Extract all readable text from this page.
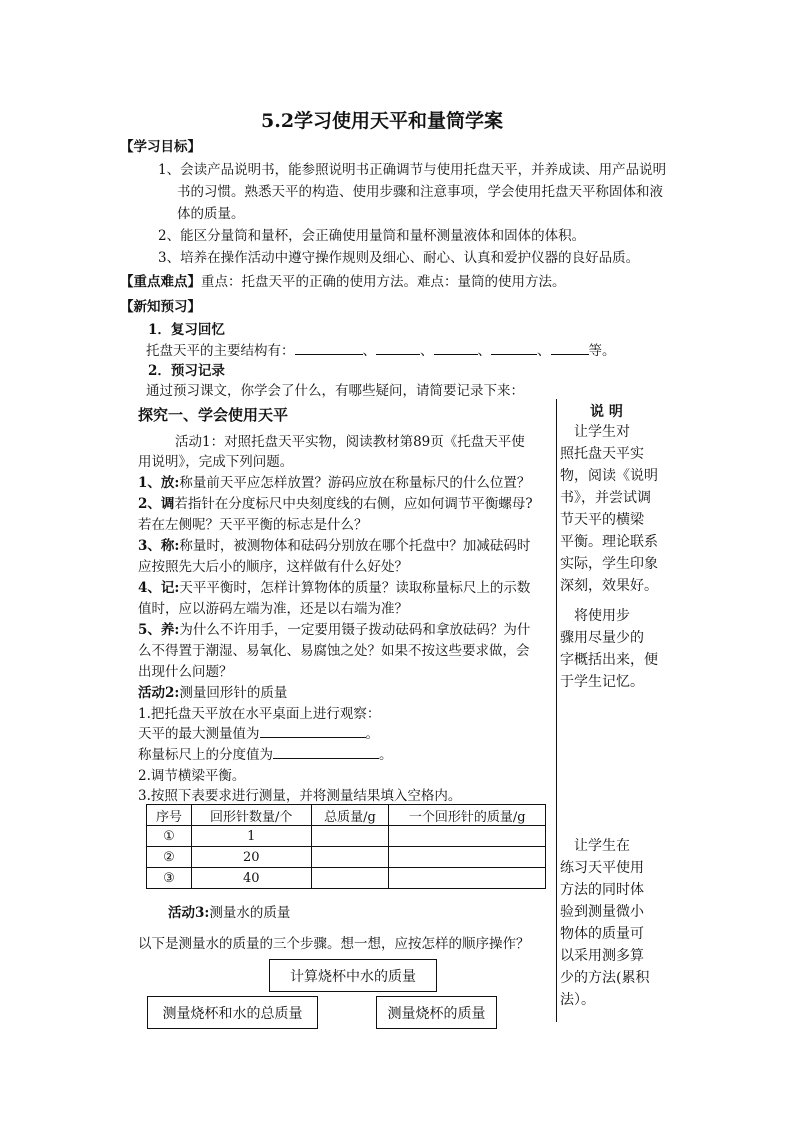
5.2学习使用天平和量筒学案
【学习目标】
1、会读产品说明书，能参照说明书正确调节与使用托盘天平，并养成读、用产品说明
书的习惯。熟悉天平的构造、使用步骤和注意事项，学会使用托盘天平称固体和液
体的质量。
2、能区分量筒和量杯，会正确使用量筒和量杯测量液体和固体的体积。
3、培养在操作活动中遵守操作规则及细心、耐心、认真和爱护仪器的良好品质。
【重点难点】重点：托盘天平的正确的使用方法。难点：量筒的使用方法。
【新知预习】
1．复习回忆
托盘天平的主要结构有：	、	、	、	、	等。
2．预习记录
通过预习课文，你学会了什么，有哪些疑问，请简要记录下来：
探究一、学会使用天平
活动1：对照托盘天平实物，阅读教材第89页《托盘天平使
用说明》，完成下列问题。
1、放:称量前天平应怎样放置？游码应放在称量标尺的什么位置？
2、调若指针在分度标尺中央刻度线的右侧，应如何调节平衡螺母?
若在左侧呢？天平平衡的标志是什么？
3、称:称量时，被测物体和砝码分别放在哪个托盘中？加减砝码时
应按照先大后小的顺序，这样做有什么好处？
4、记:天平平衡时，怎样计算物体的质量？读取称量标尺上的示数
值时，应以游码左端为准，还是以右端为准？
5、养:为什么不许用手，一定要用镊子拨动砝码和拿放砝码？为什
么不得置于潮湿、易氧化、易腐蚀之处？如果不按这些要求做，会
出现什么问题？
活动2:测量回形针的质量
1.把托盘天平放在水平桌面上进行观察：
天平的最大测量值为	。
称量标尺上的分度值为	。
2.调节横梁平衡。
3.按照下表要求进行测量，并将测量结果填入空格内。
序号	回形针数量/个	总质量/g	一个回形针的质量/g
①	1		
②	20		
③	40		
活动3:测量水的质量
以下是测量水的质量的三个步骤。想一想，应按怎样的顺序操作？
计算烧杯中水的质量
测量烧杯和水的总质量	测量烧杯的质量
说 明
　让学生对
照托盘天平实
物，阅读《说明
书》，并尝试调
节天平的横梁
平衡。理论联系
实际，学生印象
深刻，效果好。
　将使用步
骤用尽量少的
字概括出来，便
于学生记忆。
　让学生在
练习天平使用
方法的同时体
验到测量微小
物体的质量可
以采用测多算
少的方法(累积
法）。
